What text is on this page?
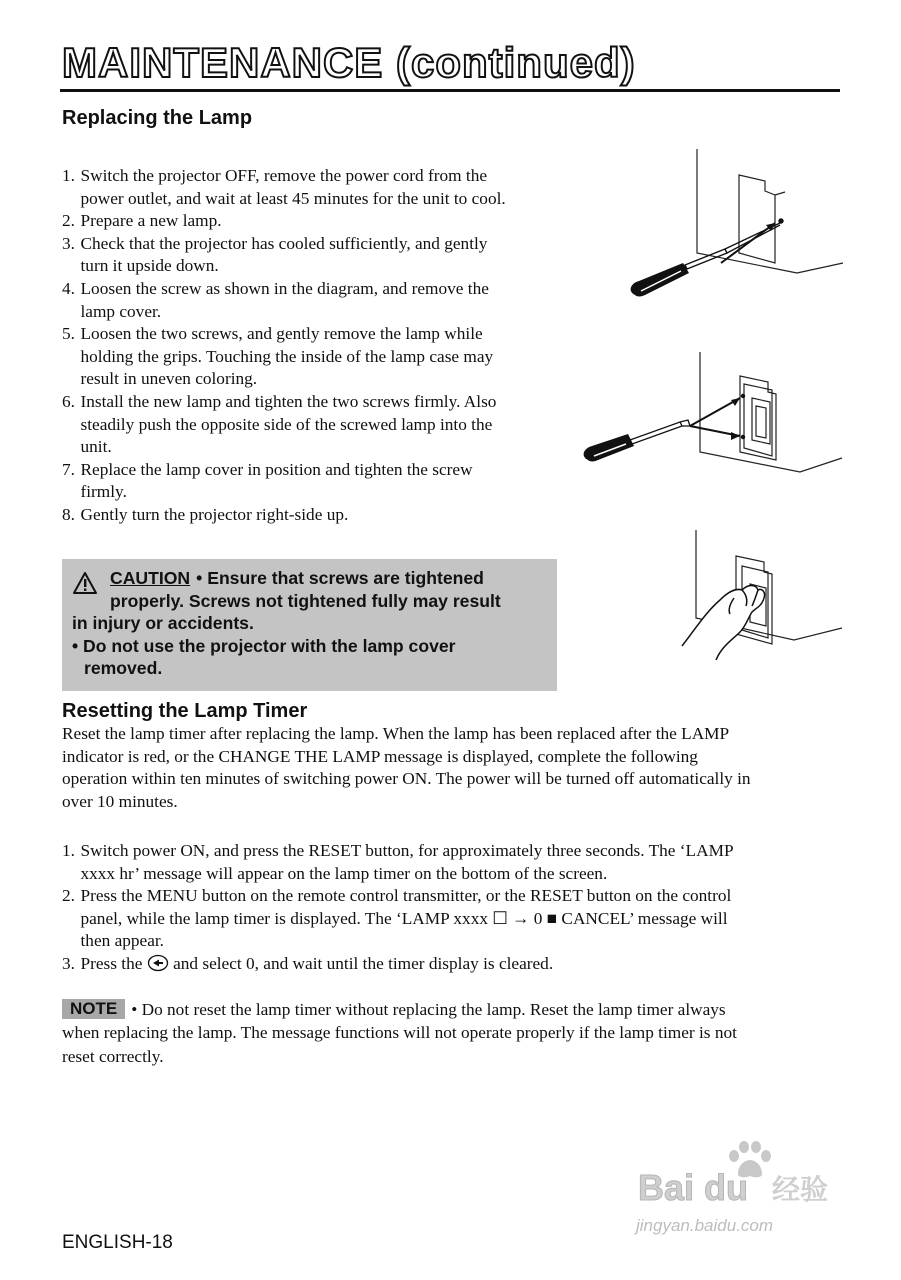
MAINTENANCE (continued)
Replacing the Lamp
1. Switch the projector OFF, remove the power cord from the
power outlet, and wait at least 45 minutes for the unit to cool.
2. Prepare a new lamp.
3. Check that the projector has cooled sufficiently, and gently
turn it upside down.
4. Loosen the screw as shown in the diagram, and remove the
lamp cover.
5. Loosen the two screws, and gently remove the lamp while
holding the grips. Touching the inside of the lamp case may
result in uneven coloring.
6. Install the new lamp and tighten the two screws firmly. Also
steadily push the opposite side of the screwed lamp into the
unit.
7. Replace the lamp cover in position and tighten the screw
firmly.
8. Gently turn the projector right-side up.
CAUTION • Ensure that screws are tightened
properly. Screws not tightened fully may result
in injury or accidents.
• Do not use the projector with the lamp cover
removed.
Resetting the Lamp Timer
Reset the lamp timer after replacing the lamp. When the lamp has been replaced after the LAMP
indicator is red, or the CHANGE THE LAMP message is displayed, complete the following
operation within ten minutes of switching power ON. The power will be turned off automatically in
over 10 minutes.
1. Switch power ON, and press the RESET button, for approximately three seconds. The ‘LAMP
xxxx hr’ message will appear on the lamp timer on the bottom of the screen.
2. Press the MENU button on the remote control transmitter, or the RESET button on the control
panel, while the lamp timer is displayed. The ‘LAMP xxxx ☐ → 0 ■ CANCEL’ message will
then appear.
3. Press the and select 0, and wait until the timer display is cleared.
NOTE • Do not reset the lamp timer without replacing the lamp. Reset the lamp timer always
when replacing the lamp. The message functions will not operate properly if the lamp timer is not
reset correctly.
ENGLISH-18
Bai du 经验
jingyan.baidu.com
